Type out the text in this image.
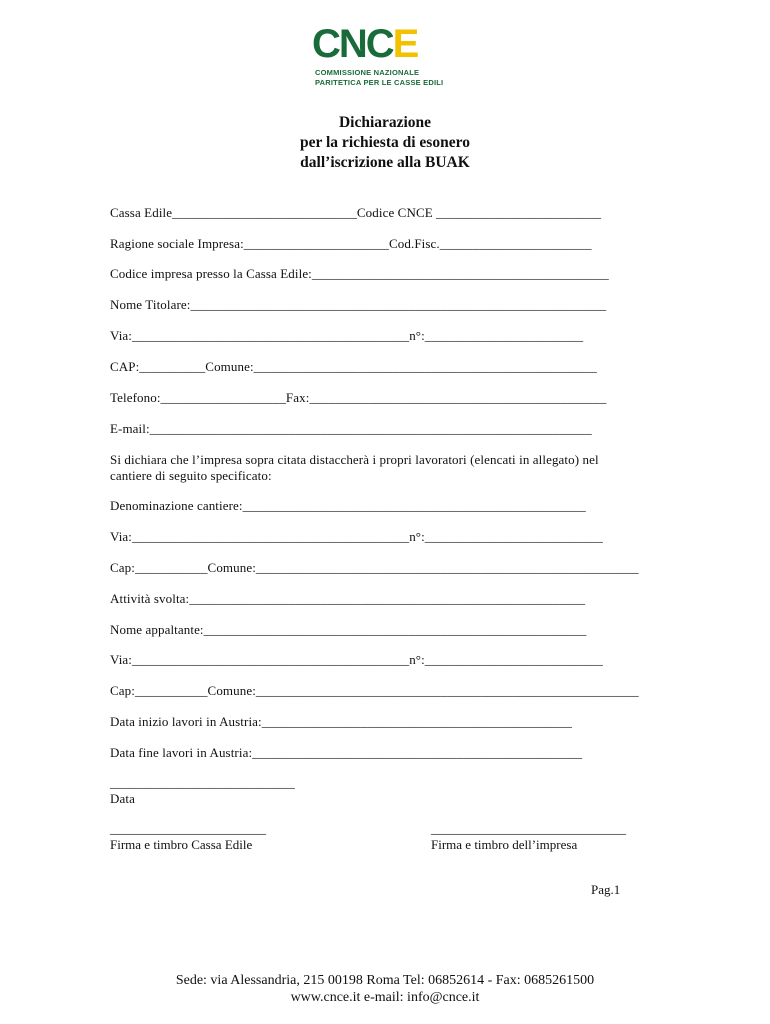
CNCE
COMMISSIONE NAZIONALE
PARITETICA PER LE CASSE EDILI
Dichiarazione
per la richiesta di esonero
dall’iscrizione alla BUAK
Cassa Edile____________________________Codice CNCE _________________________
Ragione sociale Impresa:______________________Cod.Fisc._______________________
Codice impresa presso la Cassa Edile:_____________________________________________
Nome Titolare:_______________________________________________________________
Via:__________________________________________n°:________________________
CAP:__________Comune:____________________________________________________
Telefono:___________________Fax:_____________________________________________
E-mail:___________________________________________________________________
Si dichiara che l’impresa sopra citata distaccherà i propri lavoratori (elencati in allegato) nel
cantiere di seguito specificato:
Denominazione cantiere:____________________________________________________
Via:__________________________________________n°:___________________________
Cap:___________Comune:__________________________________________________________
Attività svolta:____________________________________________________________
Nome appaltante:__________________________________________________________
Via:__________________________________________n°:___________________________
Cap:___________Comune:__________________________________________________________
Data inizio lavori in Austria:_______________________________________________
Data fine lavori in Austria:__________________________________________________
____________________________
Data
________________________
Firma e timbro Cassa Edile
______________________________
Firma e timbro dell’impresa
Pag.1
Sede: via Alessandria, 215 00198 Roma Tel: 06852614 - Fax: 0685261500
www.cnce.it e-mail: info@cnce.it
